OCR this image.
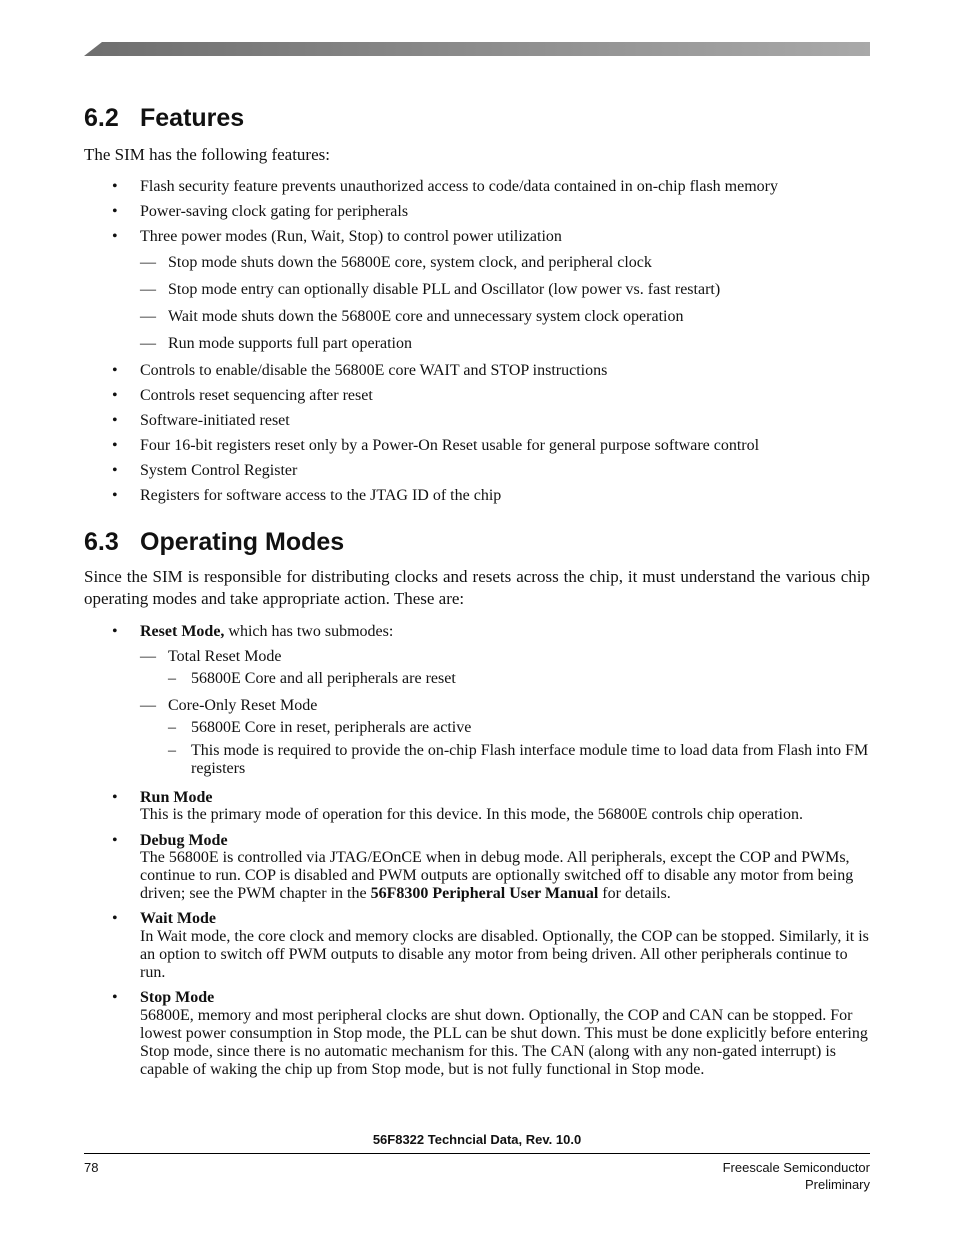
6.2 Features

The SIM has the following features:

• Flash security feature prevents unauthorized access to code/data contained in on-chip flash memory
• Power-saving clock gating for peripherals
• Three power modes (Run, Wait, Stop) to control power utilization
— Stop mode shuts down the 56800E core, system clock, and peripheral clock
— Stop mode entry can optionally disable PLL and Oscillator (low power vs. fast restart)
— Wait mode shuts down the 56800E core and unnecessary system clock operation
— Run mode supports full part operation
• Controls to enable/disable the 56800E core WAIT and STOP instructions
• Controls reset sequencing after reset
• Software-initiated reset
• Four 16-bit registers reset only by a Power-On Reset usable for general purpose software control
• System Control Register
• Registers for software access to the JTAG ID of the chip
6.3 Operating Modes

Since the SIM is responsible for distributing clocks and resets across the chip, it must understand the various chip operating modes and take appropriate action. These are:

• Reset Mode, which has two submodes:
— Total Reset Mode
– 56800E Core and all peripherals are reset
— Core-Only Reset Mode
– 56800E Core in reset, peripherals are active
– This mode is required to provide the on-chip Flash interface module time to load data from Flash into FM registers

• Run Mode

This is the primary mode of operation for this device. In this mode, the 56800E controls chip operation.

• Debug Mode

The 56800E is controlled via JTAG/EOnCE when in debug mode. All peripherals, except the COP and PWMs, continue to run. COP is disabled and PWM outputs are optionally switched off to disable any motor from being driven; see the PWM chapter in the 56F8300 Peripheral User Manual for details.

• Wait Mode

In Wait mode, the core clock and memory clocks are disabled. Optionally, the COP can be stopped. Similarly, it is an option to switch off PWM outputs to disable any motor from being driven. All other peripherals continue to run.

• Stop Mode

56800E, memory and most peripheral clocks are shut down. Optionally, the COP and CAN can be stopped. For lowest power consumption in Stop mode, the PLL can be shut down. This must be done explicitly before entering Stop mode, since there is no automatic mechanism for this. The CAN (along with any non-gated interrupt) is capable of waking the chip up from Stop mode, but is not fully functional in Stop mode.

56F8322 Techncial Data, Rev. 10.0
78	Freescale Semiconductor
Preliminary
